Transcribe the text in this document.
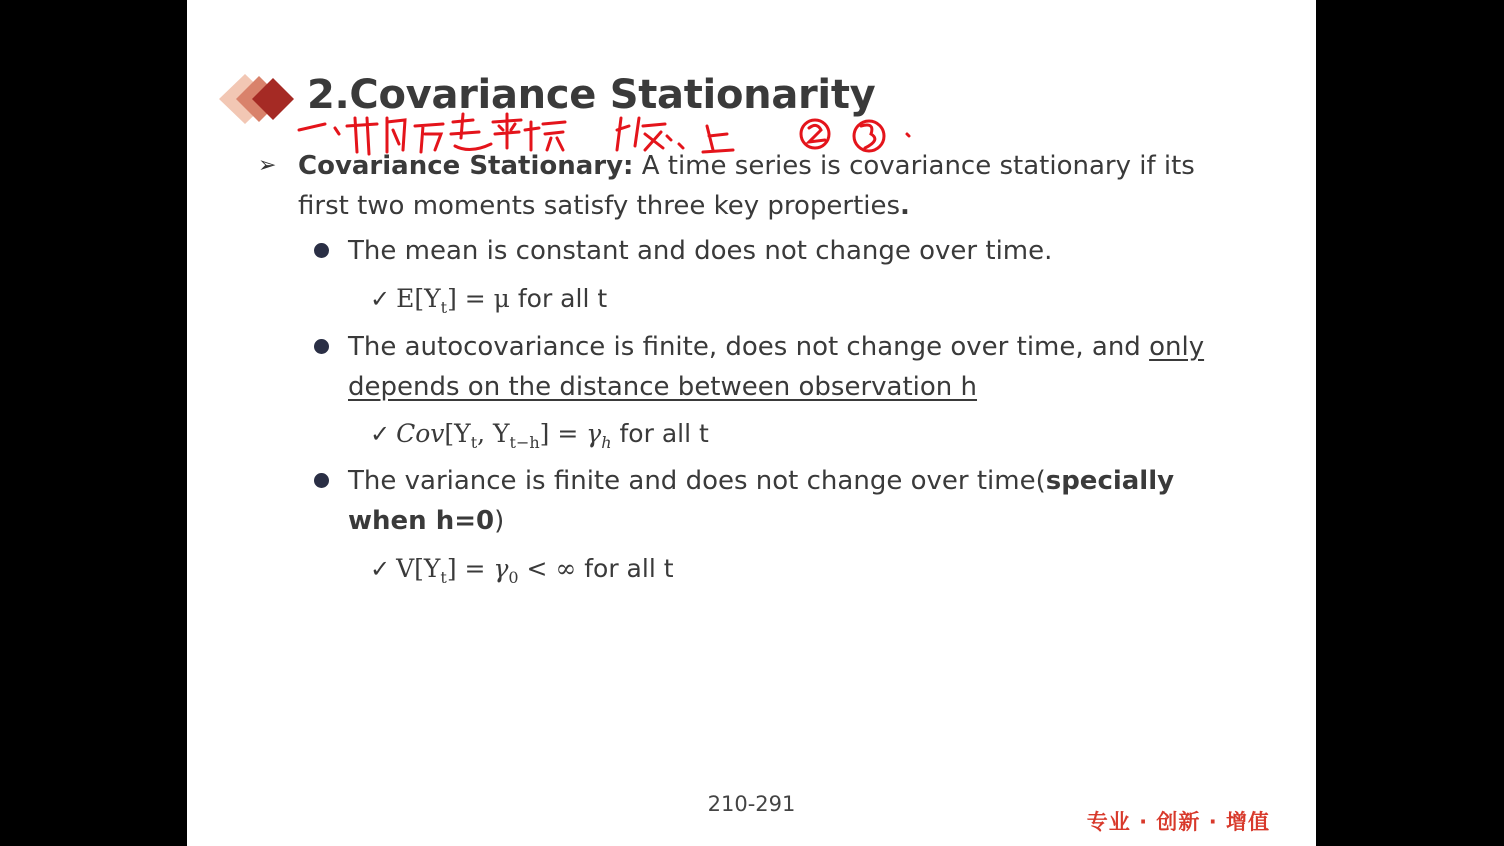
2.Covariance Stationarity
➢ Covariance Stationary: A time series is covariance stationary if its first two moments satisfy three key properties.
The mean is constant and does not change over time.
✓ $E[Y_t] = \mu$ for all t
The autocovariance is finite, does not change over time, and only depends on the distance between observation h
✓ $Cov[Y_t$, $Y_{t-h}] = \gamma_h$ for all t
The variance is finite and does not change over time(specially when h=0)
✓ $V[Y_t] = \gamma_0$ < ∞ for all t
210-291
专业 · 创新 · 增值
